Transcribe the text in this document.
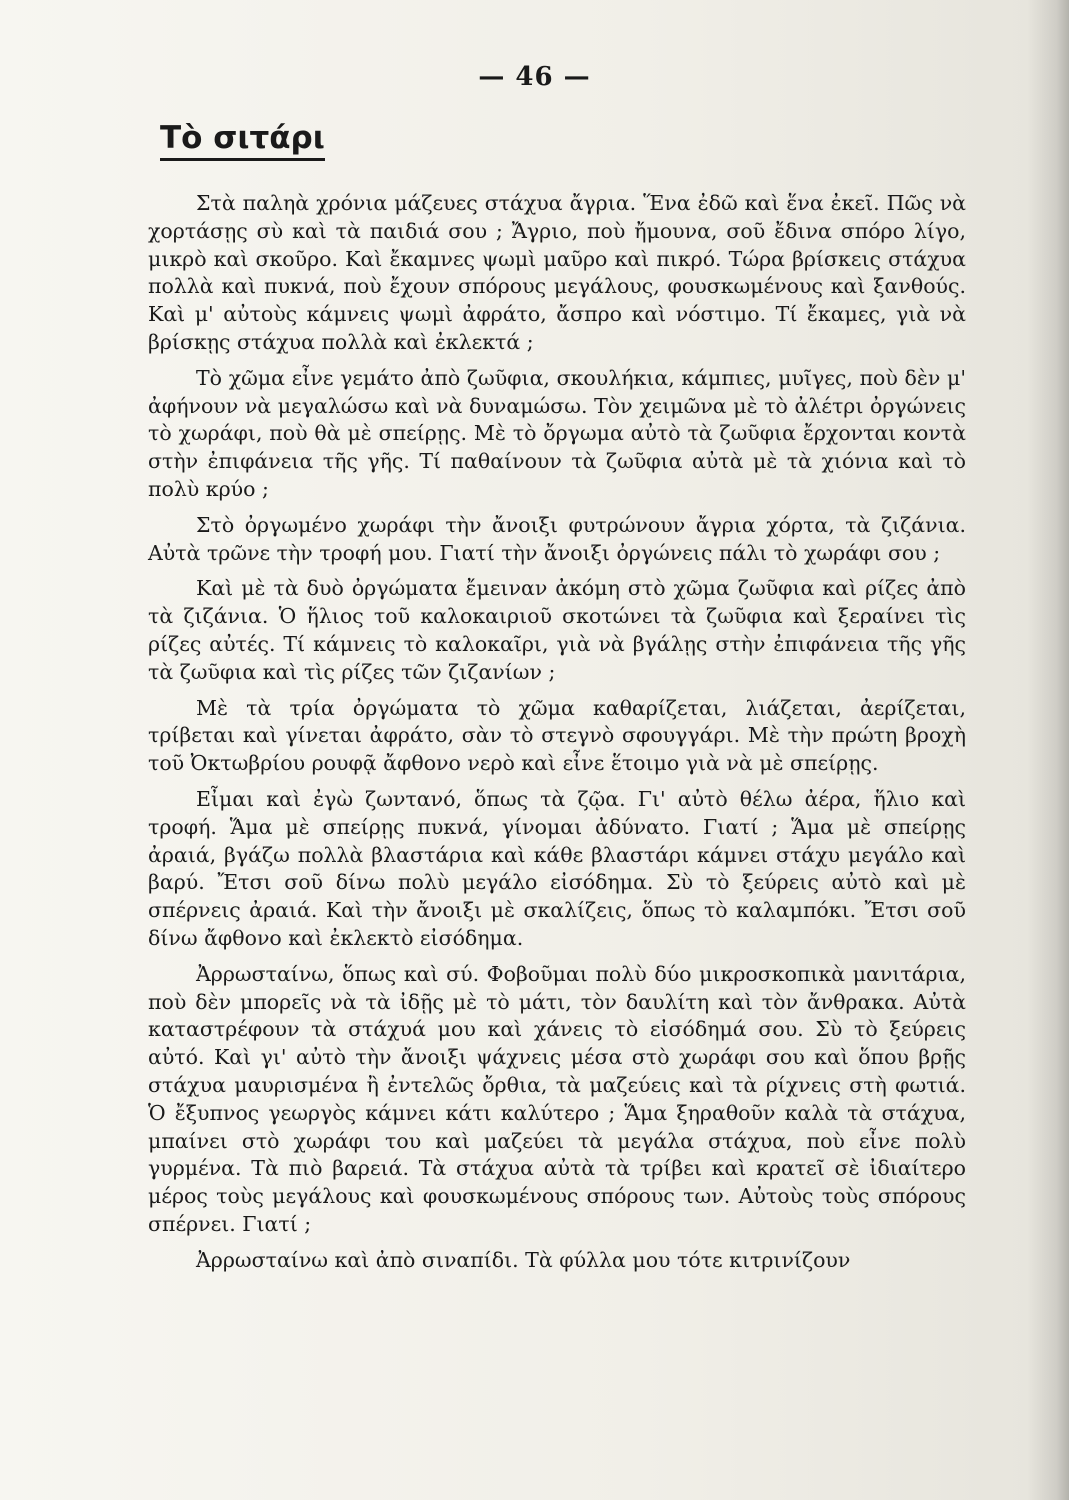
— 46 —
Τὸ σιτάρι

Στὰ παληὰ χρόνια μάζευες στάχυα ἄγρια. Ἕνα ἐδῶ καὶ ἕνα ἐκεῖ. Πῶς νὰ χορτάσῃς σὺ καὶ τὰ παιδιά σου ; Ἄγριο, ποὺ ἤμουνα, σοῦ ἔδινα σπόρο λίγο, μικρὸ καὶ σκοῦρο. Καὶ ἔκαμνες ψωμὶ μαῦρο καὶ πικρό. Τώρα βρίσκεις στάχυα πολλὰ καὶ πυκνά, ποὺ ἔχουν σπόρους μεγάλους, φουσκωμένους καὶ ξανθούς. Καὶ μ' αὐτοὺς κάμνεις ψωμὶ ἀφράτο, ἄσπρο καὶ νόστιμο. Τί ἔκαμες, γιὰ νὰ βρίσκῃς στάχυα πολλὰ καὶ ἐκλεκτά ;

Τὸ χῶμα εἶνε γεμάτο ἀπὸ ζωῦφια, σκουλήκια, κάμπιες, μυῖγες, ποὺ δὲν μ' ἀφήνουν νὰ μεγαλώσω καὶ νὰ δυναμώσω. Τὸν χειμῶνα μὲ τὸ ἀλέτρι ὀργώνεις τὸ χωράφι, ποὺ θὰ μὲ σπείρῃς. Μὲ τὸ ὄργωμα αὐτὸ τὰ ζωῦφια ἔρχονται κοντὰ στὴν ἐπιφάνεια τῆς γῆς. Τί παθαίνουν τὰ ζωῦφια αὐτὰ μὲ τὰ χιόνια καὶ τὸ πολὺ κρύο ;

Στὸ ὀργωμένο χωράφι τὴν ἄνοιξι φυτρώνουν ἄγρια χόρτα, τὰ ζιζάνια. Αὐτὰ τρῶνε τὴν τροφή μου. Γιατί τὴν ἄνοιξι ὀργώνεις πάλι τὸ χωράφι σου ;

Καὶ μὲ τὰ δυὸ ὀργώματα ἔμειναν ἀκόμη στὸ χῶμα ζωῦφια καὶ ρίζες ἀπὸ τὰ ζιζάνια. Ὁ ἥλιος τοῦ καλοκαιριοῦ σκοτώνει τὰ ζωῦφια καὶ ξεραίνει τὶς ρίζες αὐτές. Τί κάμνεις τὸ καλοκαῖρι, γιὰ νὰ βγάλῃς στὴν ἐπιφάνεια τῆς γῆς τὰ ζωῦφια καὶ τὶς ρίζες τῶν ζιζανίων ;

Μὲ τὰ τρία ὀργώματα τὸ χῶμα καθαρίζεται, λιάζεται, ἀερίζεται, τρίβεται καὶ γίνεται ἀφράτο, σὰν τὸ στεγνὸ σφουγγάρι. Μὲ τὴν πρώτη βροχὴ τοῦ Ὀκτωβρίου ρουφᾷ ἄφθονο νερὸ καὶ εἶνε ἕτοιμο γιὰ νὰ μὲ σπείρῃς.

Εἶμαι καὶ ἐγὼ ζωντανό, ὅπως τὰ ζῷα. Γι' αὐτὸ θέλω ἀέρα, ἥλιο καὶ τροφή. Ἅμα μὲ σπείρῃς πυκνά, γίνομαι ἀδύνατο. Γιατί ; Ἅμα μὲ σπείρῃς ἀραιά, βγάζω πολλὰ βλαστάρια καὶ κάθε βλαστάρι κάμνει στάχυ μεγάλο καὶ βαρύ. Ἔτσι σοῦ δίνω πολὺ μεγάλο εἰσόδημα. Σὺ τὸ ξεύρεις αὐτὸ καὶ μὲ σπέρνεις ἀραιά. Καὶ τὴν ἄνοιξι μὲ σκαλίζεις, ὅπως τὸ καλαμπόκι. Ἔτσι σοῦ δίνω ἄφθονο καὶ ἐκλεκτὸ εἰσόδημα.

Ἀρρωσταίνω, ὅπως καὶ σύ. Φοβοῦμαι πολὺ δύο μικροσκοπικὰ μανιτάρια, ποὺ δὲν μπορεῖς νὰ τὰ ἰδῇς μὲ τὸ μάτι, τὸν δαυλίτη καὶ τὸν ἄνθρακα. Αὐτὰ καταστρέφουν τὰ στάχυά μου καὶ χάνεις τὸ εἰσόδημά σου. Σὺ τὸ ξεύρεις αὐτό. Καὶ γι' αὐτὸ τὴν ἄνοιξι ψάχνεις μέσα στὸ χωράφι σου καὶ ὅπου βρῇς στάχυα μαυρισμένα ἢ ἐντελῶς ὄρθια, τὰ μαζεύεις καὶ τὰ ρίχνεις στὴ φωτιά. Ὁ ἔξυπνος γεωργὸς κάμνει κάτι καλύτερο ; Ἅμα ξηραθοῦν καλὰ τὰ στάχυα, μπαίνει στὸ χωράφι του καὶ μαζεύει τὰ μεγάλα στάχυα, ποὺ εἶνε πολὺ γυρμένα. Τὰ πιὸ βαρειά. Τὰ στάχυα αὐτὰ τὰ τρίβει καὶ κρατεῖ σὲ ἰδιαίτερο μέρος τοὺς μεγάλους καὶ φουσκωμένους σπόρους των. Αὐτοὺς τοὺς σπόρους σπέρνει. Γιατί ;

Ἀρρωσταίνω καὶ ἀπὸ σιναπίδι. Τὰ φύλλα μου τότε κιτρινίζουν
